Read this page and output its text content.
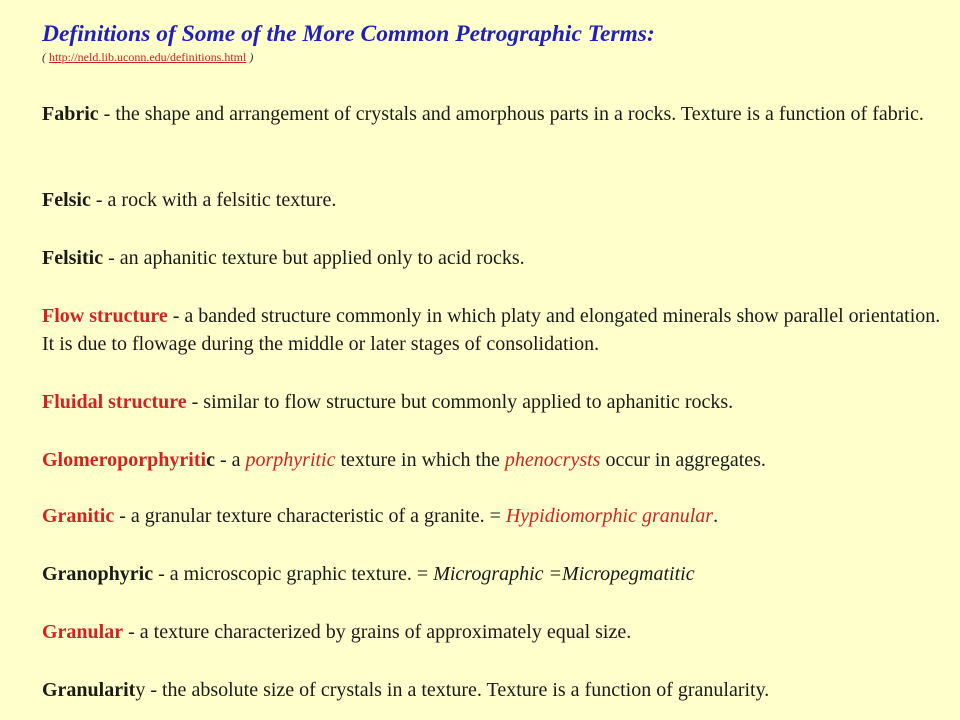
Definitions of Some of the More Common Petrographic Terms:

( http://neld.lib.uconn.edu/definitions.html )

Fabric - the shape and arrangement of crystals and amorphous parts in a rocks. Texture is a function of fabric.

Felsic - a rock with a felsitic texture.

Felsitic - an aphanitic texture but applied only to acid rocks.

Flow structure - a banded structure commonly in which platy and elongated minerals show parallel orientation. It is due to flowage during the middle or later stages of consolidation.

Fluidal structure - similar to flow structure but commonly applied to aphanitic rocks.

Glomeroporphyritic - a porphyritic texture in which the phenocrysts occur in aggregates.

Granitic - a granular texture characteristic of a granite. = Hypidiomorphic granular.

Granophyric - a microscopic graphic texture. = Micrographic =Micropegmatitic

Granular - a texture characterized by grains of approximately equal size.

Granularity - the absolute size of crystals in a texture. Texture is a function of granularity.
